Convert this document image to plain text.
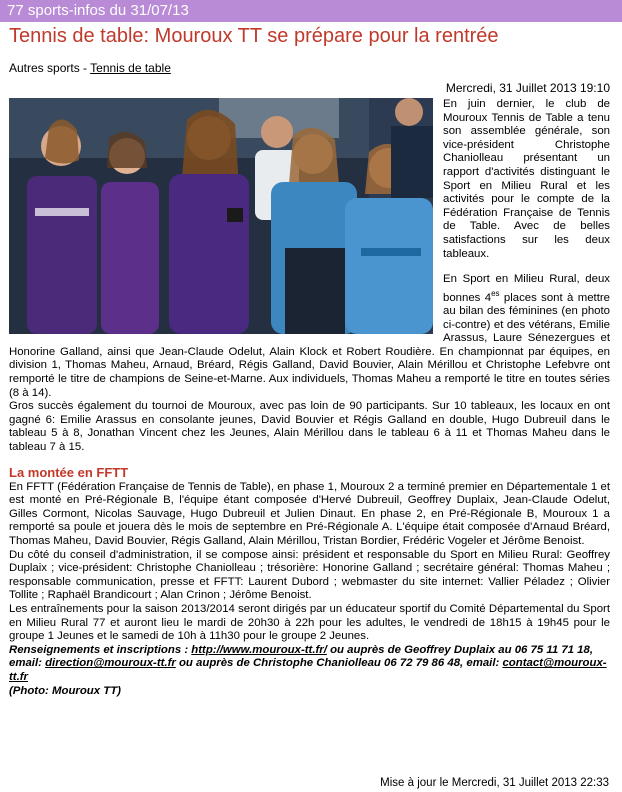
77 sports-infos du 31/07/13
Tennis de table: Mouroux TT se prépare pour la rentrée
Autres sports - Tennis de table
Mercredi, 31 Juillet 2013 19:10

En juin dernier, le club de Mouroux Tennis de Table a tenu son assemblée générale, son vice-président Christophe Chaniolleau présentant un rapport d'activités distinguant le Sport en Milieu Rural et les activités pour le compte de la Fédération Française de Tennis de Table. Avec de belles satisfactions sur les deux tableaux.

En Sport en Milieu Rural, deux bonnes $4^{es}$ places sont à mettre au bilan des féminines (en photo ci-contre) et des vétérans, Emilie Arassus, Laure Sénezergues et Honorine Galland, ainsi que Jean-Claude Odelut, Alain Klock et Robert Roudière. En championnat par équipes, en division 1, Thomas Maheu, Arnaud, Bréard, Régis Galland, David Bouvier, Alain Mérillou et Christophe Lefebvre ont remporté le titre de champions de Seine-et-Marne. Aux individuels, Thomas Maheu a remporté le titre en toutes séries (8 à 14).

Gros succès également du tournoi de Mouroux, avec pas loin de 90 participants. Sur 10 tableaux, les locaux en ont gagné 6: Emilie Arassus en consolante jeunes, David Bouvier et Régis Galland en double, Hugo Dubreuil dans le tableau 5 à 8, Jonathan Vincent chez les Jeunes, Alain Mérillou dans le tableau 6 à 11 et Thomas Maheu dans le tableau 7 à 15.

La montée en FFTT

En FFTT (Fédération Française de Tennis de Table), en phase 1, Mouroux 2 a terminé premier en Départementale 1 et est monté en Pré-Régionale B, l'équipe étant composée d'Hervé Dubreuil, Geoffrey Duplaix, Jean-Claude Odelut, Gilles Cormont, Nicolas Sauvage, Hugo Dubreuil et Julien Dinaut. En phase 2, en Pré-Régionale B, Mouroux 1 a remporté sa poule et jouera dès le mois de septembre en Pré-Régionale A. L'équipe était composée d'Arnaud Bréard, Thomas Maheu, David Bouvier, Régis Galland, Alain Mérillou, Tristan Bordier, Frédéric Vogeler et Jérôme Benoist.

Du côté du conseil d'administration, il se compose ainsi: président et responsable du Sport en Milieu Rural: Geoffrey Duplaix ; vice-président: Christophe Chaniolleau ; trésorière: Honorine Galland ; secrétaire général: Thomas Maheu ; responsable communication, presse et FFTT: Laurent Dubord ; webmaster du site internet: Vallier Péladez ; Olivier Tollite ; Raphaël Brandicourt ; Alan Crinon ; Jérôme Benoist.

Les entraînements pour la saison 2013/2014 seront dirigés par un éducateur sportif du Comité Départemental du Sport en Milieu Rural 77 et auront lieu le mardi de 20h30 à 22h pour les adultes, le vendredi de 18h15 à 19h45 pour le groupe 1 Jeunes et le samedi de 10h à 11h30 pour le groupe 2 Jeunes.

Renseignements et inscriptions : http://www.mouroux-tt.fr/ ou auprès de Geoffrey Duplaix au 06 75 11 71 18, email: direction@mouroux-tt.fr ou auprès de Christophe Chaniolleau 06 72 79 86 48, email: contact@mouroux-tt.fr

(Photo: Mouroux TT)

Mise à jour le Mercredi, 31 Juillet 2013 22:33
